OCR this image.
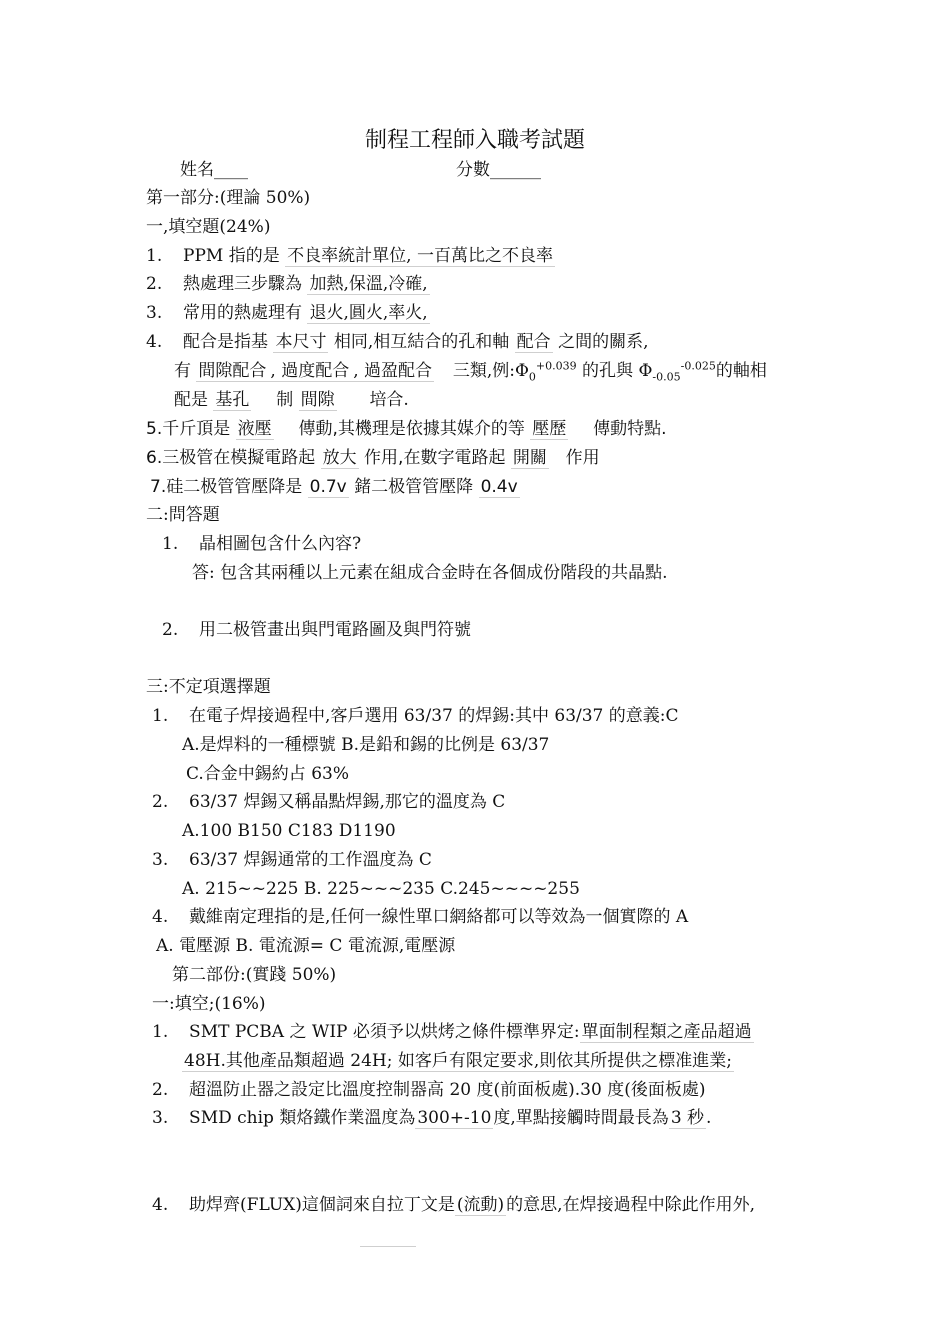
制程工程師入職考試題
姓名____	分數______
第一部分:(理論 50%)
一,填空題(24%)
1. PPM 指的是 不良率統計單位, 一百萬比之不良率
2. 熱處理三步驟為 加熱,保溫,冷確,
3. 常用的熱處理有 退火,圓火,率火,
4. 配合是指基 本尺寸 相同,相互結合的孔和軸 配合 之間的關系,
有 間隙配合 , 過度配合 , 過盈配合 三類,例$:\Phi_0^{+0.039}$ 的孔與 $\Phi_{-0.05}^{-0.025}$的軸相
配是 基孔 制 間隙 培合.
5.千斤頂是 液壓 傳動,其機理是依據其媒介的等 壓歷 傳動特點.
6.三极管在模擬電路起 放大 作用,在數字電路起 開關 作用
7.硅二极管管壓降是 0.7v 鍺二极管管壓降 0.4v
二:問答題
1. 晶相圖包含什么內容?
答: 包含其兩種以上元素在組成合金時在各個成份階段的共晶點.
2. 用二极管畫出與門電路圖及與門符號
三:不定項選擇題
1. 在電子焊接過程中,客戶選用 63/37 的焊錫:其中 63/37 的意義:C
A.是焊料的一種標號 B.是鉛和錫的比例是 63/37
C.合金中錫約占 63%
2. 63/37 焊錫又稱晶點焊錫,那它的溫度為 C
A.100 B150 C183 D1190
3. 63/37 焊錫通常的工作溫度為 C
A. 215~~225 B. 225~~~235 C.245~~~~255
4. 戴維南定理指的是,任何一線性單口網絡都可以等效為一個實際的 A
A. 電壓源 B. 電流源= C 電流源,電壓源
第二部份:(實踐 50%)
一:填空;(16%)
1. SMT PCBA 之 WIP 必須予以烘烤之條件標準界定: 單面制程類之產品超過
48H.其他產品類超過 24H; 如客戶有限定要求,則依其所提供之標准進業;
2. 超溫防止器之設定比溫度控制器高 20 度(前面板處).30 度(後面板處)
3. SMD chip 類烙鐵作業溫度為 300+-10 度,單點接觸時間最長為 3 秒 .
4. 助焊齊(FLUX)這個詞來自拉丁文是 (流動) 的意思,在焊接過程中除此作用外,
